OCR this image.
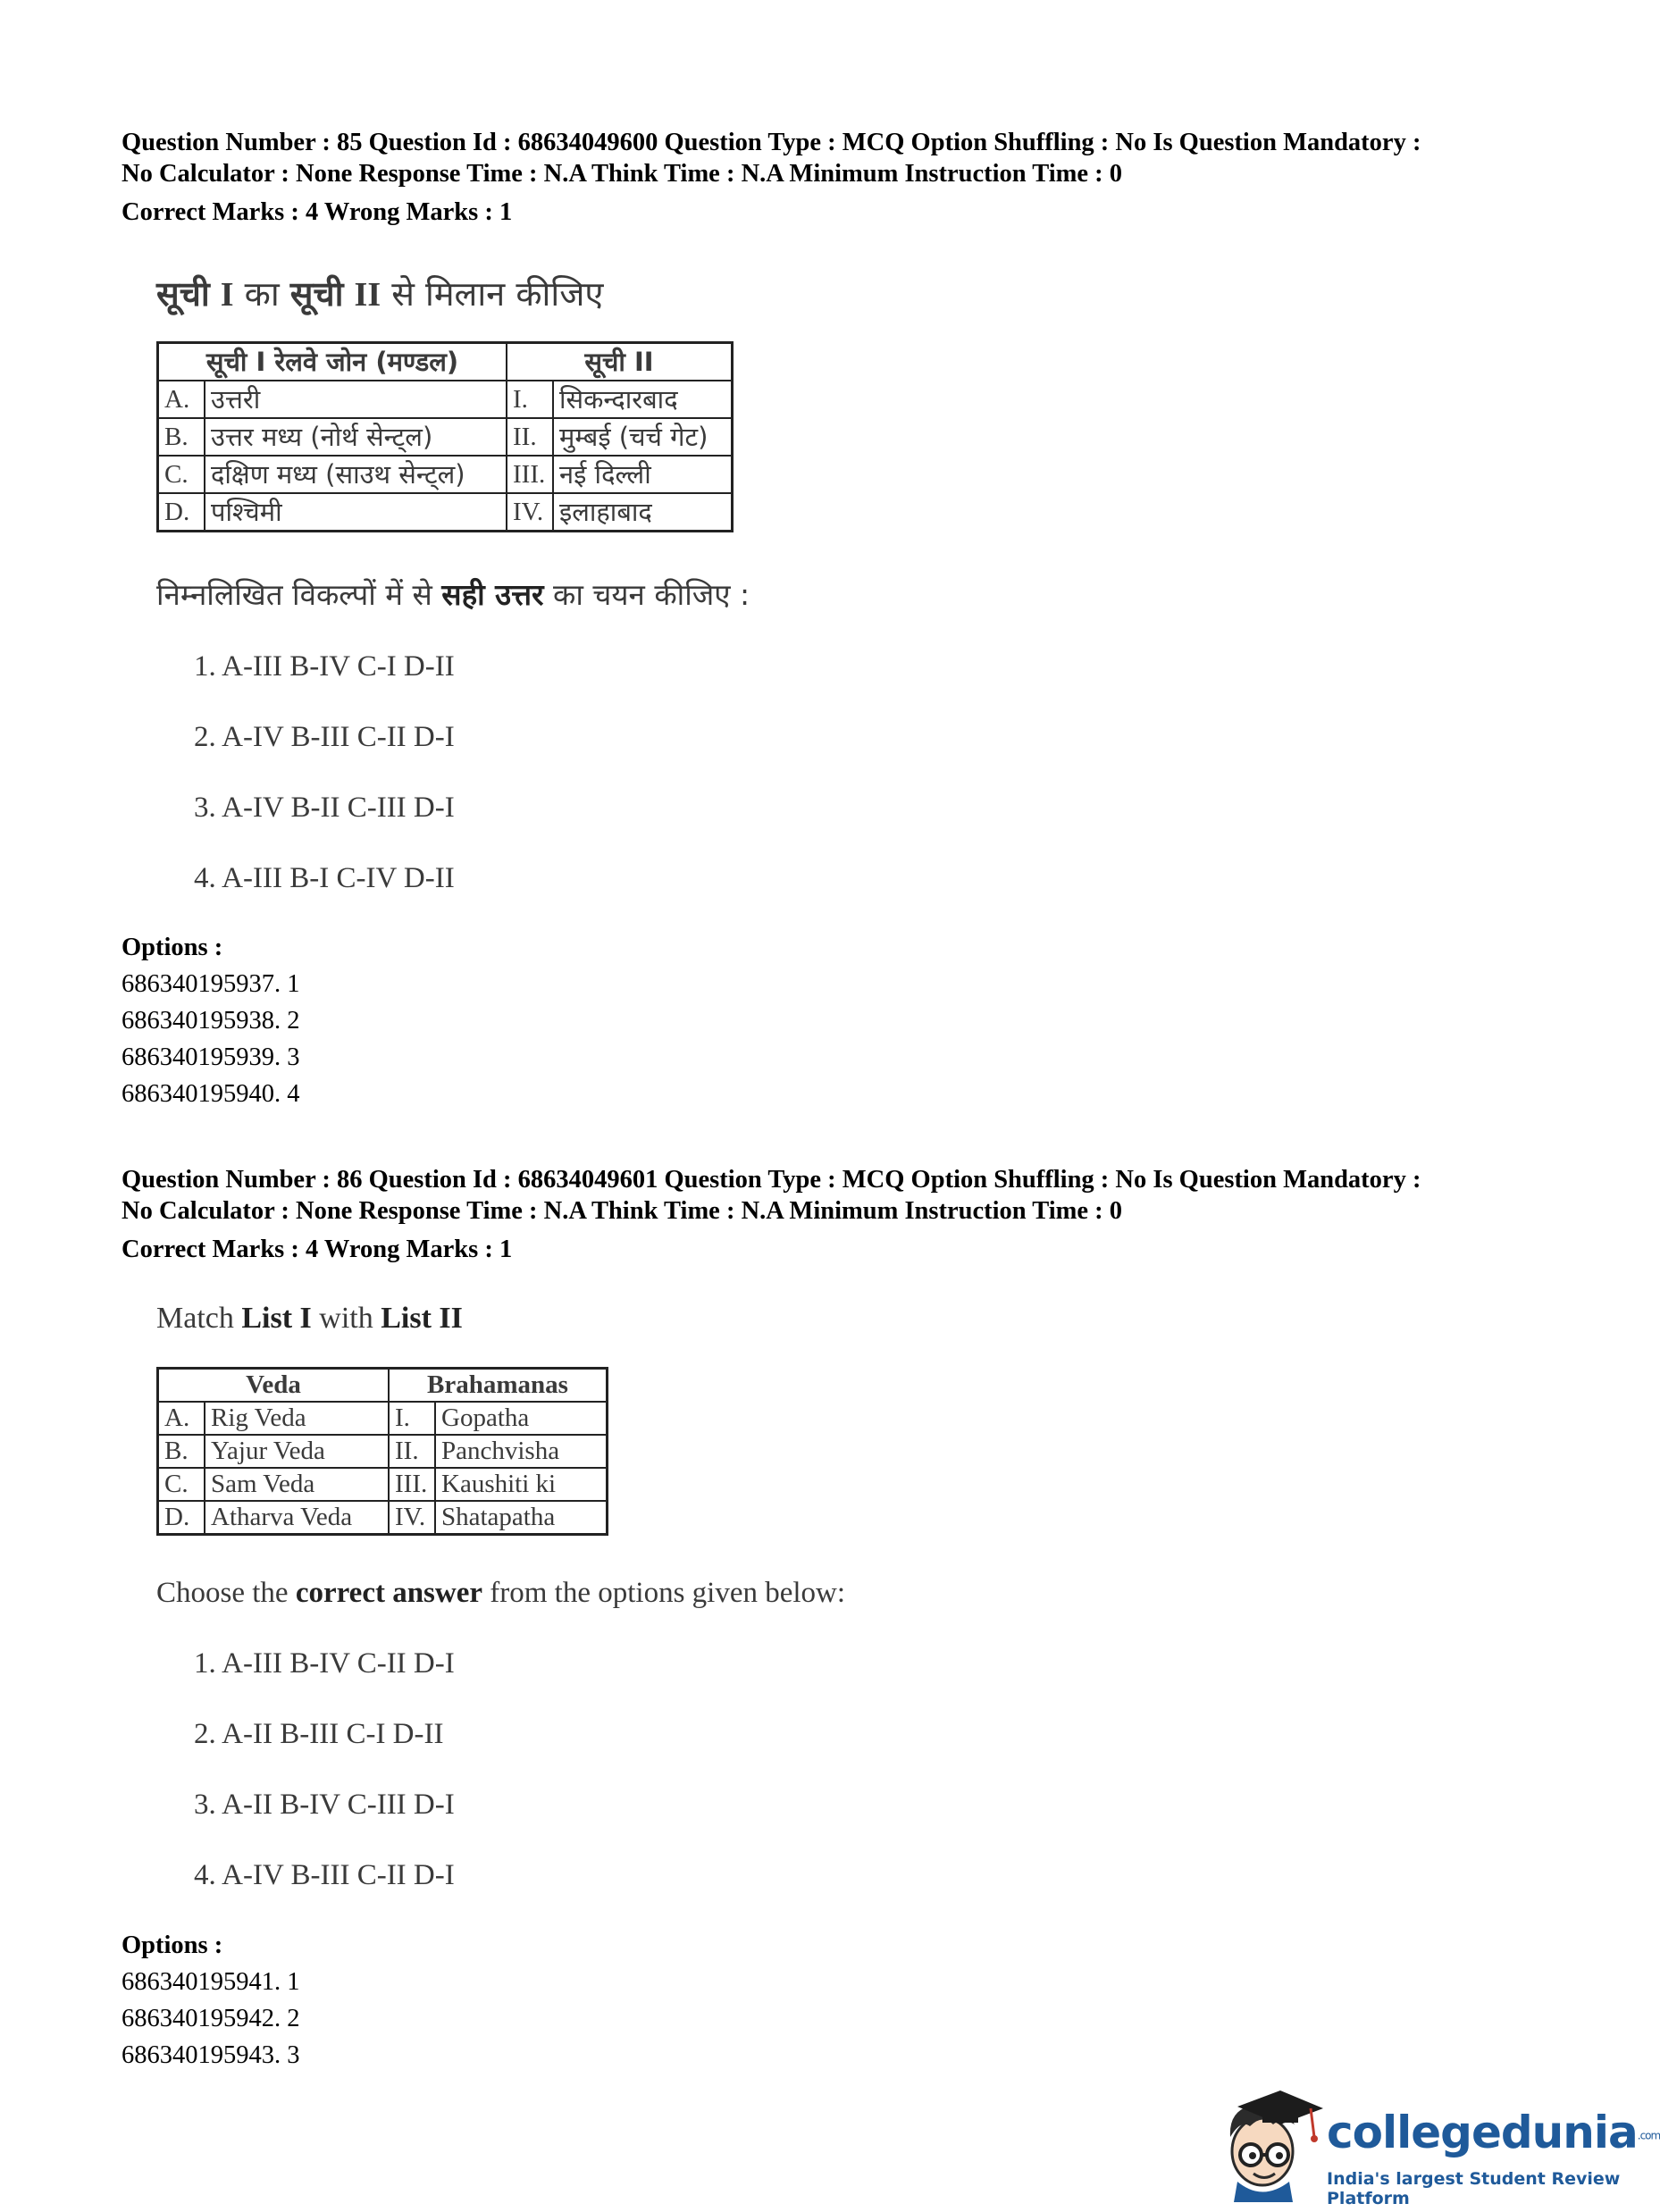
Question Number : 85 Question Id : 68634049600 Question Type : MCQ Option Shuffling : No Is Question Mandatory :
No Calculator : None Response Time : N.A Think Time : N.A Minimum Instruction Time : 0
Correct Marks : 4 Wrong Marks : 1
सूची I का सूची II से मिलान कीजिए
सूची I रेलवे जोन (मण्डल)		सूची II	
A.	उत्तरी	I.	सिकन्दारबाद
B.	उत्तर मध्य (नोर्थ सेन्ट्ल)	II.	मुम्बई (चर्च गेट)
C.	दक्षिण मध्य (साउथ सेन्ट्ल)	III.	नई दिल्ली
D.	पश्चिमी	IV.	इलाहाबाद
निम्नलिखित विकल्पों में से सही उत्तर का चयन कीजिए :
1. A-III B-IV C-I D-II
2. A-IV B-III C-II D-I
3. A-IV B-II C-III D-I
4. A-III B-I C-IV D-II
Options :
686340195937. 1
686340195938. 2
686340195939. 3
686340195940. 4
Question Number : 86 Question Id : 68634049601 Question Type : MCQ Option Shuffling : No Is Question Mandatory :
No Calculator : None Response Time : N.A Think Time : N.A Minimum Instruction Time : 0
Correct Marks : 4 Wrong Marks : 1
Match List I with List II
Veda		Brahamanas	
A.	Rig Veda	I.	Gopatha
B.	Yajur Veda	II.	Panchvisha
C.	Sam Veda	III.	Kaushiti ki
D.	Atharva Veda	IV.	Shatapatha
Choose the correct answer from the options given below:
1. A-III B-IV C-II D-I
2. A-II B-III C-I D-II
3. A-II B-IV C-III D-I
4. A-IV B-III C-II D-I
Options :
686340195941. 1
686340195942. 2
686340195943. 3
collegedunia.com
India's largest Student Review Platform
